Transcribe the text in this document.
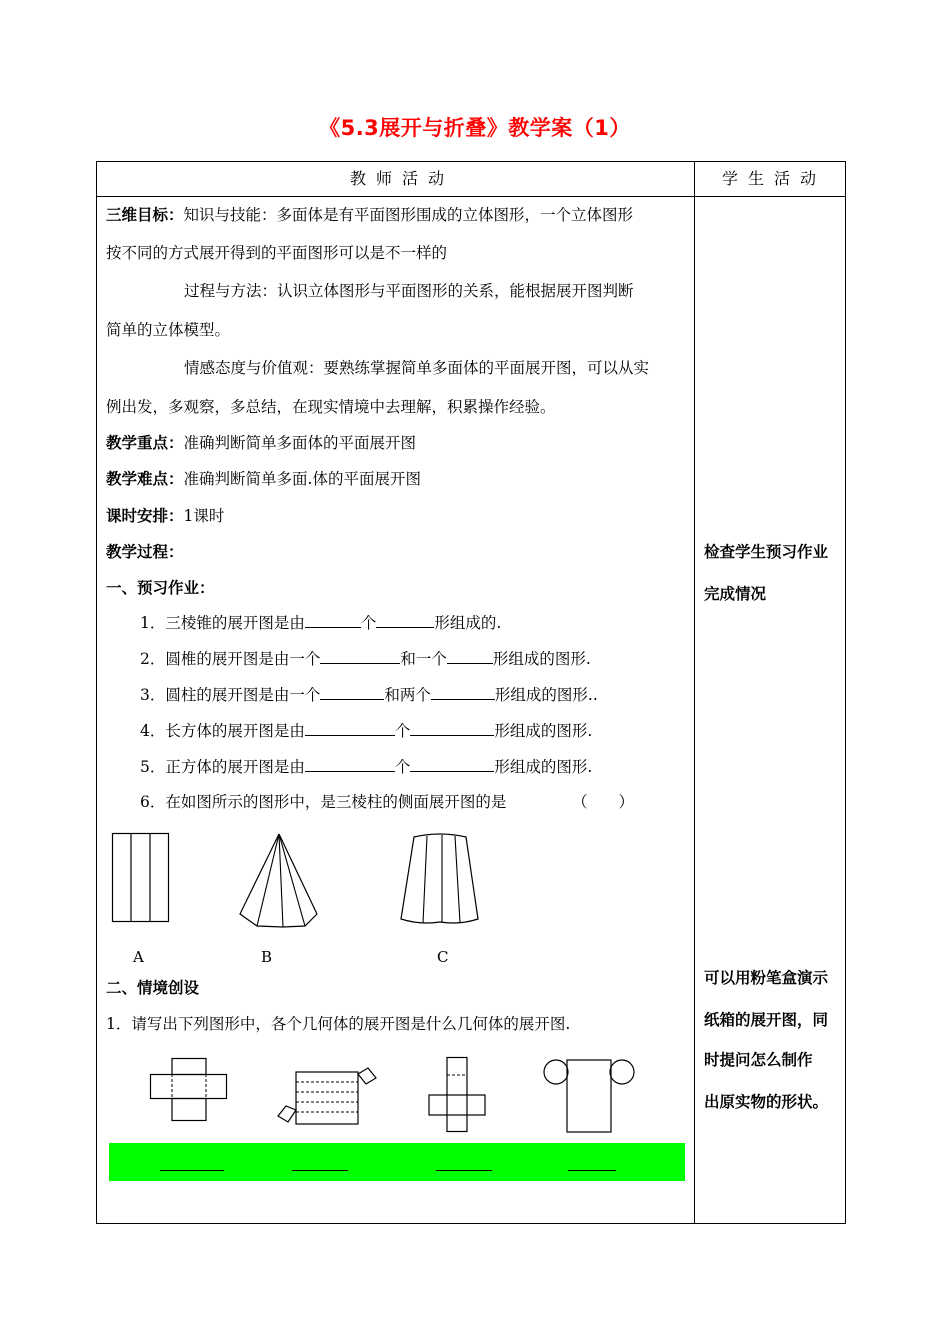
《5.3展开与折叠》教学案（1）
教师活动	学生活动
三维目标：知识与技能：多面体是有平面图形围成的立体图形，一个立体图形
按不同的方式展开得到的平面图形可以是不一样的
过程与方法：认识立体图形与平面图形的关系，能根据展开图判断
简单的立体模型。
情感态度与价值观：要熟练掌握简单多面体的平面展开图，可以从实
例出发，多观察，多总结，在现实情境中去理解，积累操作经验。
教学重点：准确判断简单多面体的平面展开图
教学难点：准确判断简单多面.体的平面展开图
课时安排：1课时
教学过程：
一、预习作业：
1．三棱锥的展开图是由	个	形组成的.
2．圆椎的展开图是由一个	和一个	形组成的图形.
3．圆柱的展开图是由一个	和两个	形组成的图形..
4．长方体的展开图是由	个	形组成的图形.
5．正方体的展开图是由	个	形组成的图形.
6．在如图所示的图形中，是三棱柱的侧面展开图的是	（　　）
A	B	C
二、情境创设
1．请写出下列图形中，各个几何体的展开图是什么几何体的展开图.
检查学生预习作业
完成情况
可以用粉笔盒演示
纸箱的展开图，同
时提问怎么制作
出原实物的形状。
